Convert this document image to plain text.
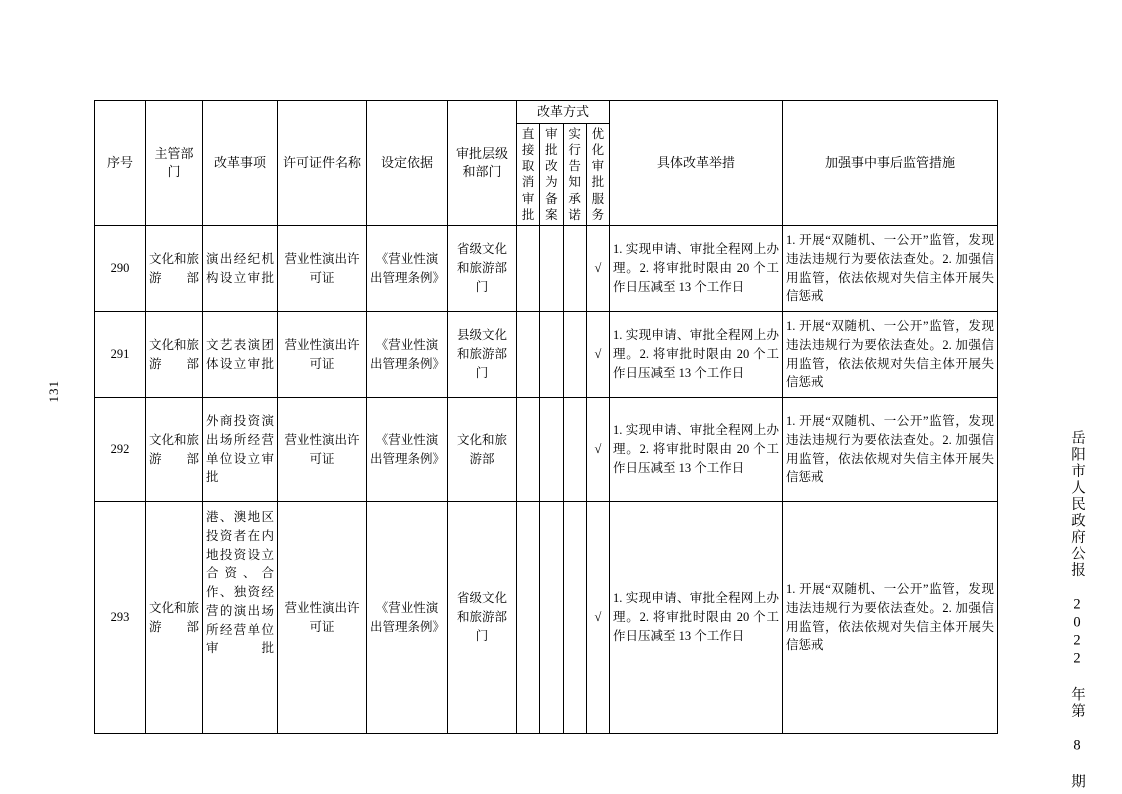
131
序号	主管部门	改革事项	许可证件名称	设定依据	审批层级和部门	改革方式				具体改革举措	加强事中事后监管措施
						直接取消审批	审批改为备案	实行告知承诺	优化审批服务		
290	文化和旅游部	演出经纪机构设立审批	营业性演出许可证	《营业性演出管理条例》	省级文化和旅游部门				√	1. 实现申请、审批全程网上办理。2. 将审批时限由 20 个工作日压减至 13 个工作日	1. 开展“双随机、一公开”监管，发现违法违规行为要依法查处。2. 加强信用监管，依法依规对失信主体开展失信惩戒
291	文化和旅游部	文艺表演团体设立审批	营业性演出许可证	《营业性演出管理条例》	县级文化和旅游部门				√	1. 实现申请、审批全程网上办理。2. 将审批时限由 20 个工作日压减至 13 个工作日	1. 开展“双随机、一公开”监管，发现违法违规行为要依法查处。2. 加强信用监管，依法依规对失信主体开展失信惩戒
292	文化和旅游部	外商投资演出场所经营单位设立审批	营业性演出许可证	《营业性演出管理条例》	文化和旅游部				√	1. 实现申请、审批全程网上办理。2. 将审批时限由 20 个工作日压减至 13 个工作日	1. 开展“双随机、一公开”监管，发现违法违规行为要依法查处。2. 加强信用监管，依法依规对失信主体开展失信惩戒
293	文化和旅游部	港、澳地区投资者在内地投资设立合资、合作、独资经营的演出场所经营单位审批	营业性演出许可证	《营业性演出管理条例》	省级文化和旅游部门				√	1. 实现申请、审批全程网上办理。2. 将审批时限由 20 个工作日压减至 13 个工作日	1. 开展“双随机、一公开”监管，发现违法违规行为要依法查处。2. 加强信用监管，依法依规对失信主体开展失信惩戒	岳阳市人民政府公报 2022 年第 8 期
